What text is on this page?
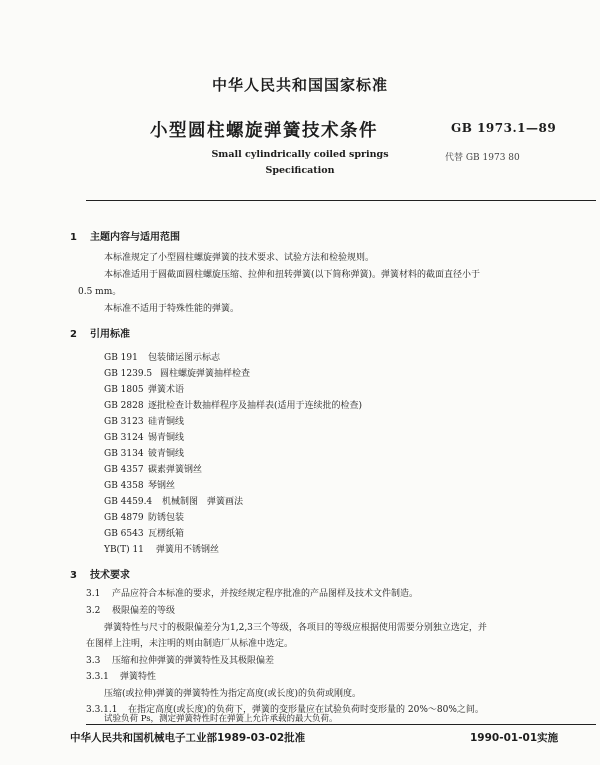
中华人民共和国国家标准
小型圆柱螺旋弹簧技术条件	GB 1973.1—89
Small cylindrically coiled springs	代替 GB 1973 80
Specification
1 主题内容与适用范围
本标准规定了小型圆柱螺旋弹簧的技术要求、试验方法和检验规则。
本标准适用于圆截面圆柱螺旋压缩、拉伸和扭转弹簧(以下简称弹簧)。弹簧材料的截面直径小于
0.5 mm。
本标准不适用于特殊性能的弹簧。
2 引用标准
GB 191 包装储运图示标志
GB 1239.5 圆柱螺旋弹簧抽样检查
GB 1805 弹簧术语
GB 2828 逐批检查计数抽样程序及抽样表(适用于连续批的检查)
GB 3123 硅青铜线
GB 3124 锡青铜线
GB 3134 铍青铜线
GB 4357 碳素弹簧钢丝
GB 4358 琴钢丝
GB 4459.4 机械制图　弹簧画法
GB 4879 防锈包装
GB 6543 瓦楞纸箱
YB(T) 11 弹簧用不锈钢丝
3 技术要求
3.1 产品应符合本标准的要求，并按经规定程序批准的产品图样及技术文件制造。
3.2 极限偏差的等级
弹簧特性与尺寸的极限偏差分为1,2,3三个等级，各项目的等级应根据使用需要分别独立选定，并
在图样上注明，未注明的则由制造厂从标准中选定。
3.3 压缩和拉伸弹簧的弹簧特性及其极限偏差
3.3.1 弹簧特性
压缩(或拉伸)弹簧的弹簧特性为指定高度(或长度)的负荷或刚度。
3.3.1.1 在指定高度(或长度)的负荷下，弹簧的变形量应在试验负荷时变形量的 20%～80%之间。
试验负荷 Ps，测定弹簧特性时在弹簧上允许承载的最大负荷。
中华人民共和国机械电子工业部1989-03-02批准	1990-01-01实施
